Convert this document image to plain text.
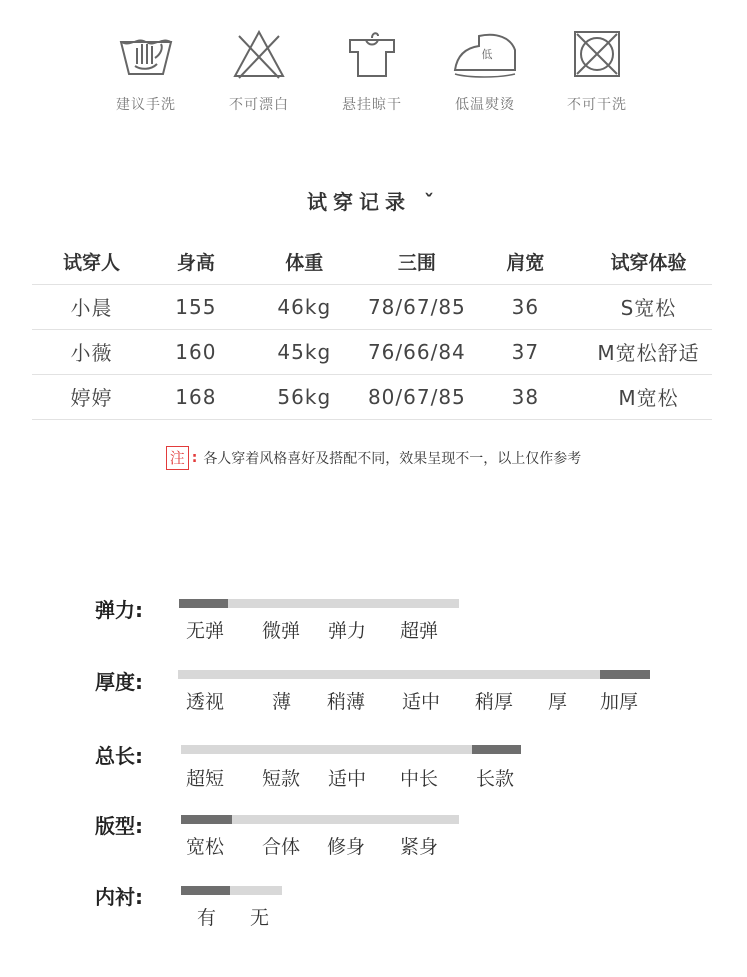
建议手洗	不可漂白	悬挂晾干
低
低温熨烫	不可干洗
试穿记录 ˇ
试穿人	身高	体重	三围	肩宽	试穿体验
小晨	155	46kg	78/67/85	36	S宽松
小薇	160	45kg	76/66/84	37	M宽松舒适
婷婷	168	56kg	80/67/85	38	M宽松
注 : 各人穿着风格喜好及搭配不同，效果呈现不一，以上仅作参考
弹力:
无弹 微弹 弹力 超弹
厚度:
透视	薄 稍薄 适中 稍厚 厚 加厚
总长:
超短 短款 适中 中长 长款
版型:
宽松 合体 修身 紧身
内衬:
有 无
